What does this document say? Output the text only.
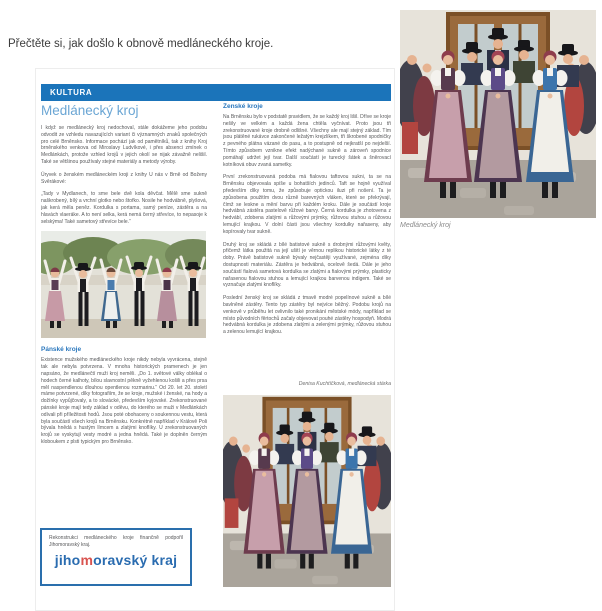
Přečtěte si, jak došlo k obnově medláneckého kroje.
KULTURA
Medlánecký kroj

I když se medlánecký kroj nedochoval, stále dokážeme jeho podobu odvodit ze vzhledu navazujících variant či významných znaků společných pro celé Brněnsko. Informace pochází jak od pamětníků, tak z knihy Kroj brněnského venkova od Miroslavy Ludvíkové, i přes absenci zmínek o Medlánkách, protože vzhled krojů v jejich okolí se nijak závažně nelišil. Také se většinou používaly stejné materiály a metody výroby.

Úryvek o ženském medláneckém kroji z knihy U nás v Brně od Boženy Svěrákové:

„Tady v Mydlanech, to sme bele dvě kola děvčat. Mělě sme sukně naškrobený, bílý a vrchní glotko nebo štofko. Nosile he hodvábně, plyšová, jak kerá měla peněz. Kordulka s portama, samý peníze, zástěra a na hlavách vlaeráke. A to není selka, kerá nemá černý střevíce, to nepasoje k selskýma! Také sametový střevíce bele.“

Pánské kroje

Existence mužského medláneckého kroje nikdy nebyla vyvrácena, stejně tak ale nebyla potvrzena. V mnoha historických pramenech je jen napsáno, že medlánečtí muži kroj neměli. „Do 1. světové války oblékal o hodech černé kalhoty, bílou slavnostní pěkně vyžehlenou košili a přes prsa měl naspendlenou dlouhou opentlenou rozmarinu.“ Od 20. let 20. století máme potvrzené, díky fotografiím, že se kroje, mužské i ženské, na hody a dožínky vypůjčovaly, a to slovácké, především kyjovské. Zrekonstruované pánské kroje mají tedy základ v oděvu, do kterého se muži v Medlánkách odívali při příležitosti hodů. Jsou poté obohaceny o soukennou vestu, která byla součástí všech krojů na Brněnsku. Konkrétně například v Králově Poli bývala hnědá s hustým límcem a zlatými knoflíky. U zrekonstruovaných krojů se vyskytují vesty modré a jedna hnědá. Také je doplněn černým kloboukem z plsti typickým pro Brněnsko.

Ženské kroje

Na Brněnsku bylo v podstatě pravidlem, že se každý kroj lišil. Dříve se kroje nešily ve velkém a každá žena chtěla vyčnívat. Proto jsou tři zrekonstruované kroje drobně odlišné. Všechny ale mají stejný základ. Tím jsou plátěné rukávce zakončené ležatým krejzlíkem, tři škrobené spodničky z pevného plátna vázané do pasu, a to postupně od nejkratší po nejdelší. Tímto způsobem vznikne efekt nadýchané sukně a zároveň spodnice pomáhají udržet její tvar. Další součástí je turecký šátek a šněrovací kotníková obuv zvaná sametky.

První zrekonstruovaná podoba má fialovou taftovou sukni, ta se na Brněnsku objevovala spíše u bohatších jedinců. Taft se hojně využíval především díky tomu, že způsobuje optickou iluzi při nošení. Ta je způsobena použitím dvou různě barevných vláken, které se překrývají, čímž se leskne a mění barvu při každém kroku. Dále je součástí kroje hedvábná zástěra pastelově růžové barvy. Černá kordulka je zhotovena z hedvábí, zdobena zlatými a růžovými prýmky, růžovou stuhou a růžovou lemující krajkou. V dolní části jsou všechny kordulky nařaseny, aby kopírovaly tvar sukně.

Druhý kroj se skládá z bílé batistové sukně s drobnými růžovými květy, přičemž látka použitá na její ušití je věrnou replikou historické látky z té doby. Právě batistové sukně bývaly nejčastěji využívané, zejména díky dostupnosti materiálu. Zástěra je hedvábná, ocelově šedá. Dále je jeho součástí fialová sametová kordulka se zlatými a fialovými prýmky, plasticky nařasenou fialovou stuhou a lemující krajkou barvenou indigem. Také se vyznačuje zlatými knoflíky.

Poslední ženský kroj se skládá z tmavě modré popelínové sukně a bílé bavlněné zástěry. Tento typ zástěry byl nejvíce běžný. Podobu krojů na venkově v průběhu let ovlivnilo také pronikání městské módy, například se místo původních fěrtochů začaly objevovat pouhé zástěry hospodyň. Modrá hedvábná kordulka je zdobena zlatými a zelenými prýmky, růžovou stuhou a zelenou lemující krajkou.

Denisa Kuchtíčková, medlánecká stárka

Rekonstrukci medláneckého kroje finančně podpořil Jihomoravský kraj.

jihomoravský kraj
Medlánecký kroj
